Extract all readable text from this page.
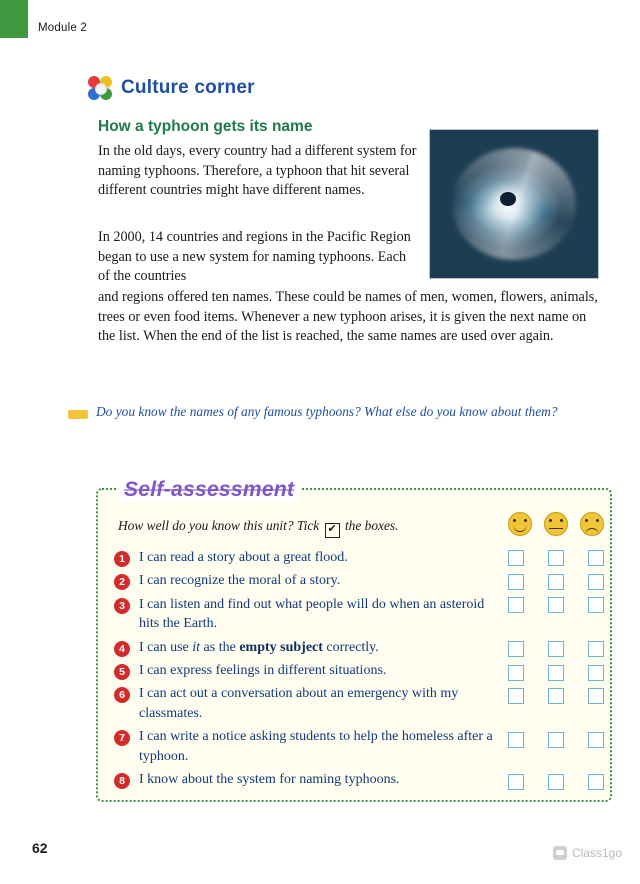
Module 2
Culture corner
How a typhoon gets its name
In the old days, every country had a different system for naming typhoons. Therefore, a typhoon that hit several different countries might have different names.
In 2000, 14 countries and regions in the Pacific Region began to use a new system for naming typhoons. Each of the countries
and regions offered ten names. These could be names of men, women, flowers, animals, trees or even food items. Whenever a new typhoon arises, it is given the next name on the list. When the end of the list is reached, the same names are used over again.
Do you know the names of any famous typhoons? What else do you know about them?
Self-assessment
How well do you know this unit? Tick ✔ the boxes.
1	I can read a story about a great flood.
2	I can recognize the moral of a story.
3	I can listen and find out what people will do when an asteroid hits the Earth.
4	I can use it as the empty subject correctly.
5	I can express feelings in different situations.
6	I can act out a conversation about an emergency with my classmates.
7	I can write a notice asking students to help the homeless after a typhoon.
8	I know about the system for naming typhoons.
62	Class1go
